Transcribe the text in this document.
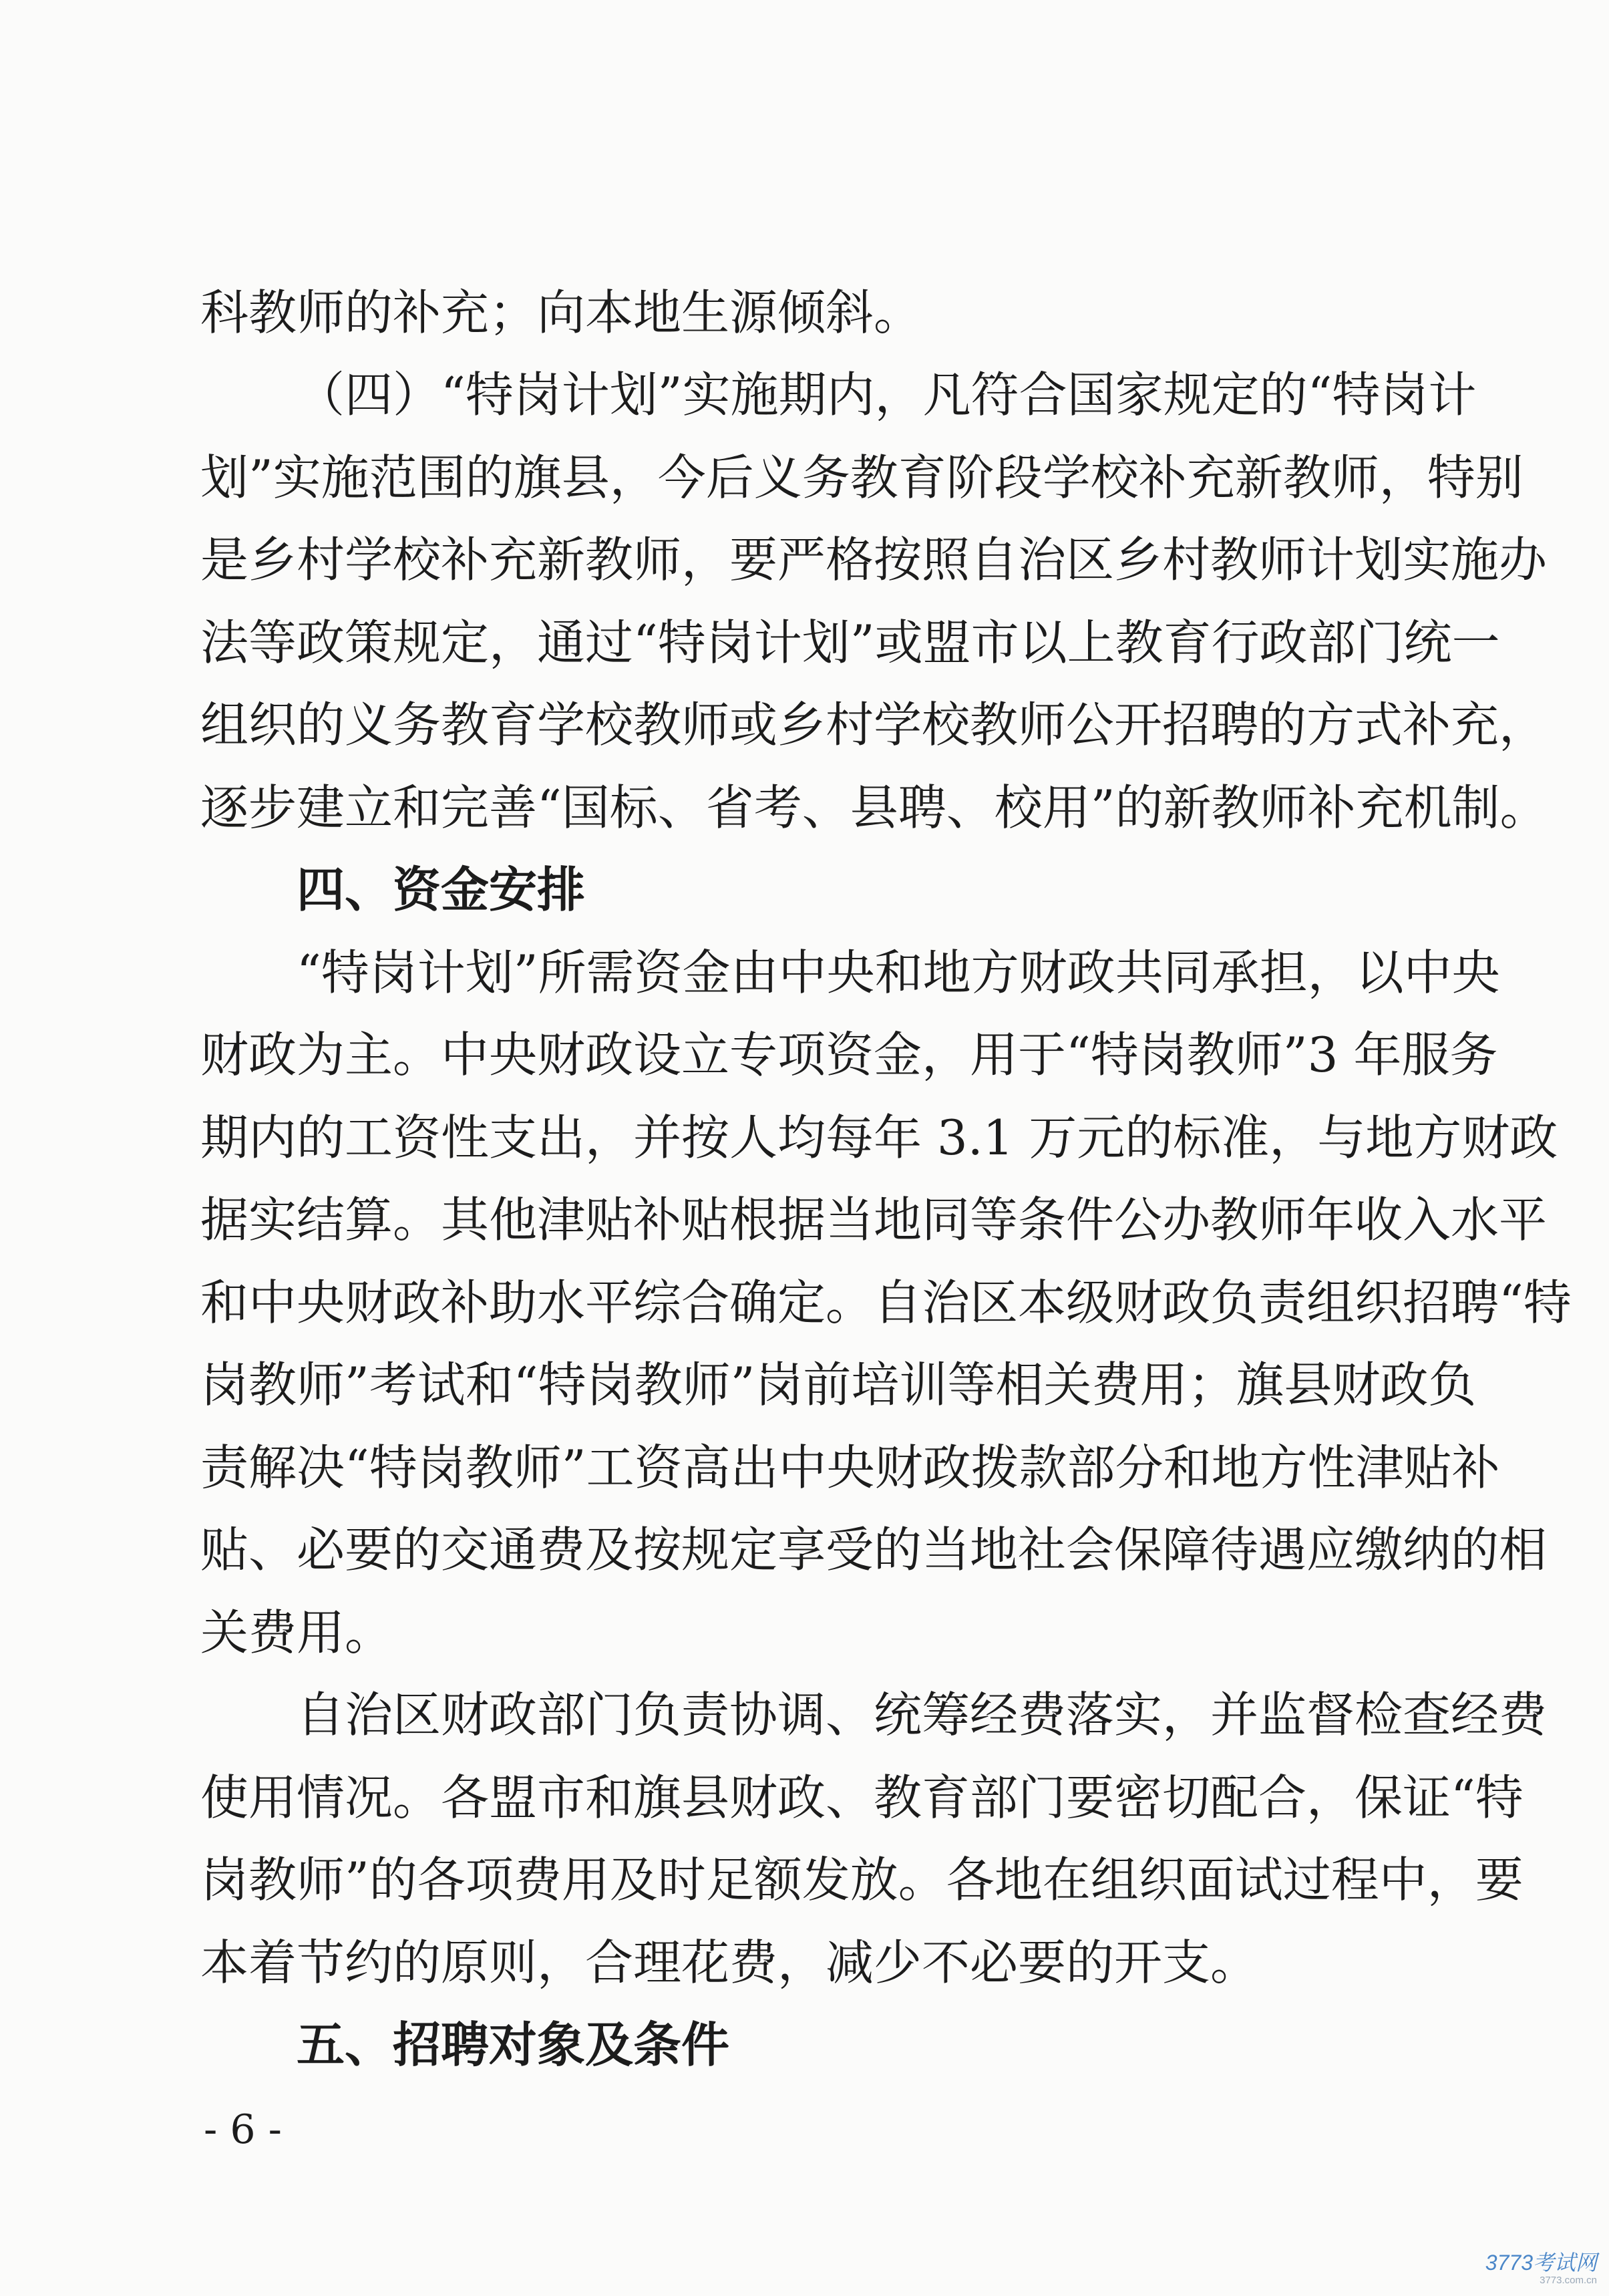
科教师的补充；向本地生源倾斜。

（四）“特岗计划”实施期内，凡符合国家规定的“特岗计

划”实施范围的旗县，今后义务教育阶段学校补充新教师，特别

是乡村学校补充新教师，要严格按照自治区乡村教师计划实施办

法等政策规定，通过“特岗计划”或盟市以上教育行政部门统一

组织的义务教育学校教师或乡村学校教师公开招聘的方式补充，

逐步建立和完善“国标、省考、县聘、校用”的新教师补充机制。

四、资金安排

“特岗计划”所需资金由中央和地方财政共同承担，以中央

财政为主。中央财政设立专项资金，用于“特岗教师”3 年服务

期内的工资性支出，并按人均每年 3.1 万元的标准，与地方财政

据实结算。其他津贴补贴根据当地同等条件公办教师年收入水平

和中央财政补助水平综合确定。自治区本级财政负责组织招聘“特

岗教师”考试和“特岗教师”岗前培训等相关费用；旗县财政负

责解决“特岗教师”工资高出中央财政拨款部分和地方性津贴补

贴、必要的交通费及按规定享受的当地社会保障待遇应缴纳的相

关费用。

自治区财政部门负责协调、统筹经费落实，并监督检查经费

使用情况。各盟市和旗县财政、教育部门要密切配合，保证“特

岗教师”的各项费用及时足额发放。各地在组织面试过程中，要

本着节约的原则，合理花费，减少不必要的开支。

五、招聘对象及条件

- 6 -
3773考试网
3773.com.cn
